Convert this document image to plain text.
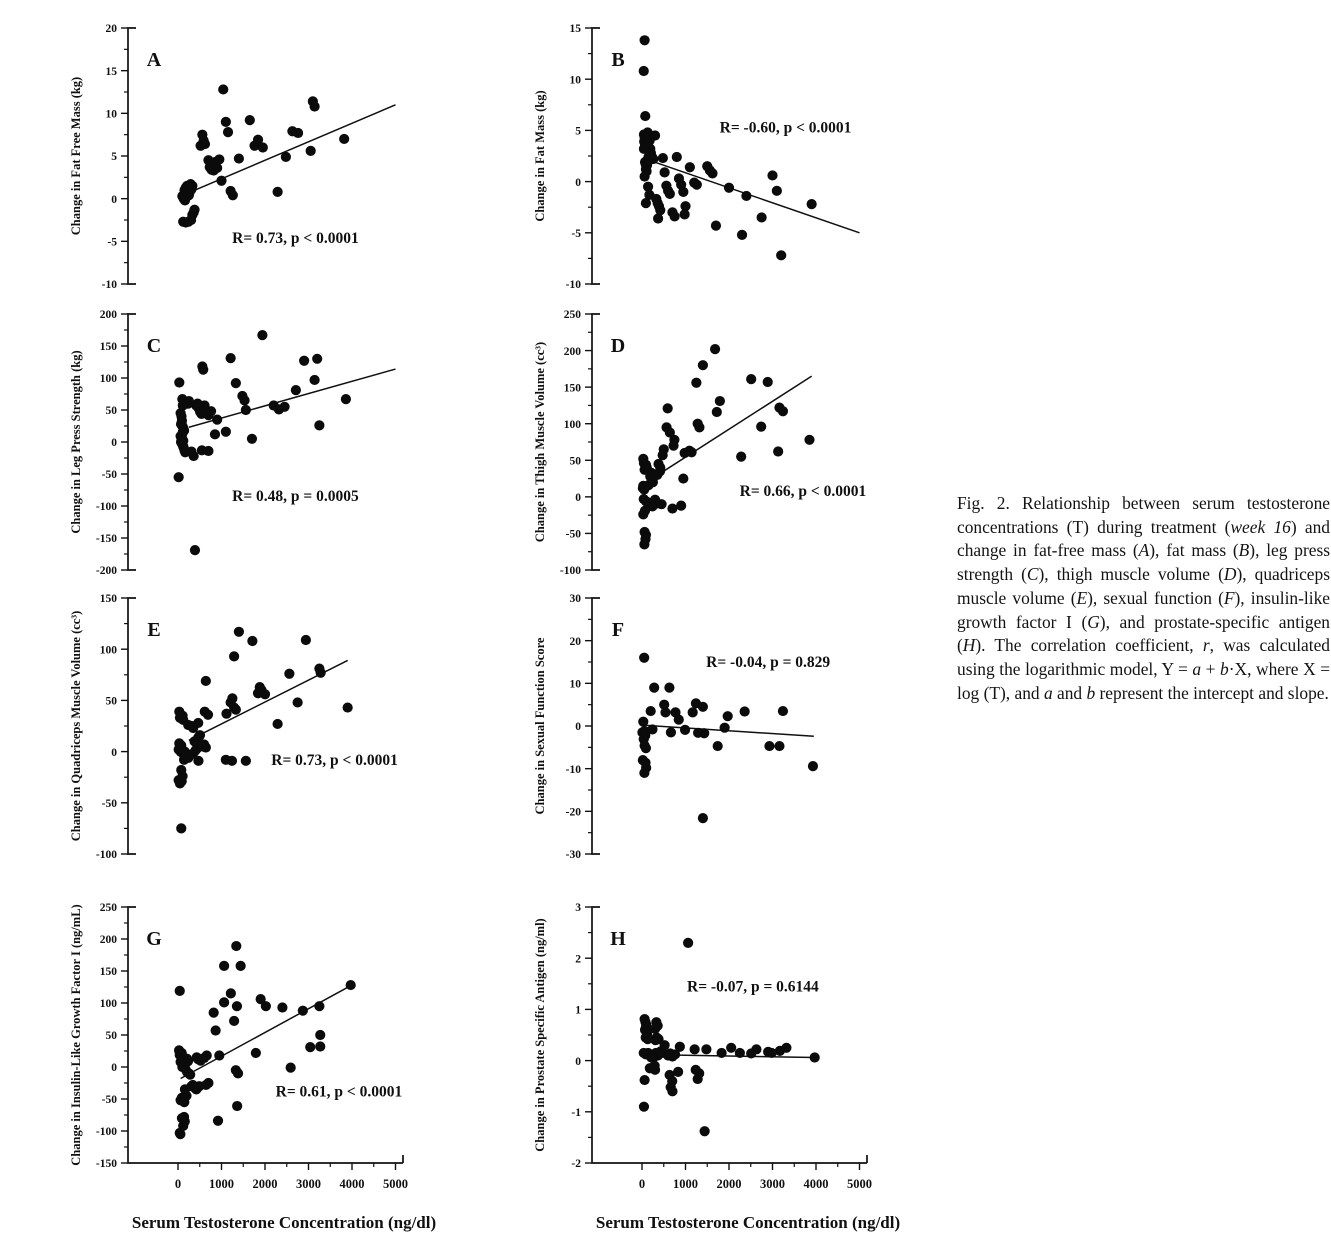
20
15
10
5
0
-5
-10
A
R= 0.73, p < 0.0001
Change in Fat Free Mass (kg)
15
10
5
0
-5
-10
B
R= -0.60, p < 0.0001
Change in Fat Mass (kg)
200
150
100
50
0
-50
-100
-150
-200
C
R= 0.48, p = 0.0005
Change in Leg Press Strength (kg)
250
200
150
100
50
0
-50
-100
D
R= 0.66, p < 0.0001
Change in Thigh Muscle Volume (cc³)
150
100
50
0
-50
-100
E
R= 0.73, p < 0.0001
Change in Quadriceps Muscle Volume (cc³)
30
20
10
0
-10
-20
-30
F
R= -0.04, p = 0.829
Change in Sexual Function Score
250
200
150
100
50
0
-50
-100
-150
0 1000 2000 3000 4000 5000
Serum Testosterone Concentration (ng/dl)
G
R= 0.61, p < 0.0001
Change in Insulin-Like Growth Factor I (ng/mL)	3
2
1
0
-1
-2
0 1000 2000 3000 4000 5000
Serum Testosterone Concentration (ng/dl)
H
R= -0.07, p = 0.6144
Change in Prostate Specific Antigen (ng/ml)
Fig. 2. Relationship between serum testosterone concentrations (T) during treatment (week 16) and change in fat-free mass (A), fat mass (B), leg press strength (C), thigh muscle volume (D), quadriceps muscle volume (E), sexual function (F), insulin-like growth factor I (G), and prostate-specific antigen (H). The correlation coefficient, r, was calculated using the logarithmic model, Y = a + b·X, where X = log (T), and a and b represent the intercept and slope.
